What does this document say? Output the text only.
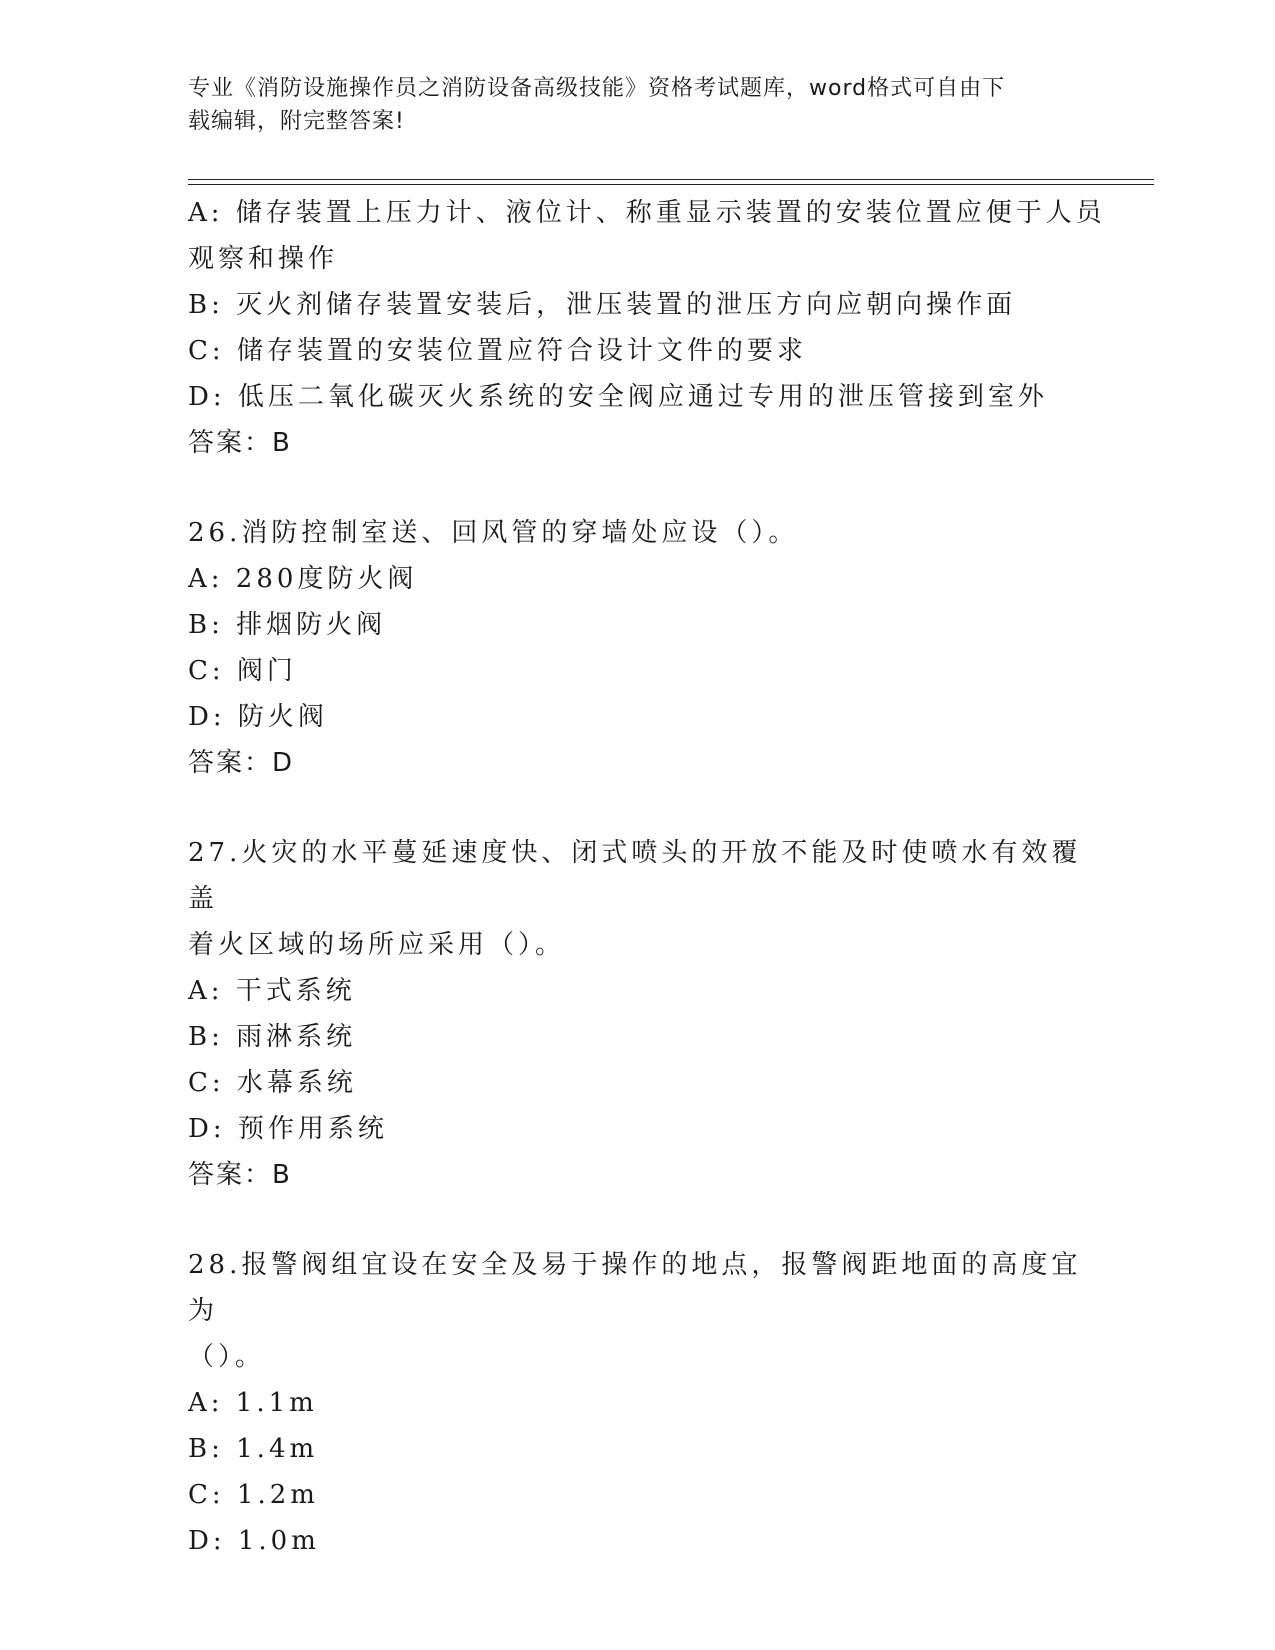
专业《消防设施操作员之消防设备高级技能》资格考试题库，word格式可自由下
载编辑，附完整答案!
A: 储存装置上压力计、液位计、称重显示装置的安装位置应便于人员
观察和操作
B: 灭火剂储存装置安装后，泄压装置的泄压方向应朝向操作面
C: 储存装置的安装位置应符合设计文件的要求
D: 低压二氧化碳灭火系统的安全阀应通过专用的泄压管接到室外
答案：B
26.消防控制室送、回风管的穿墙处应设（）。
A: 280度防火阀
B: 排烟防火阀
C: 阀门
D: 防火阀
答案：D
27.火灾的水平蔓延速度快、闭式喷头的开放不能及时使喷水有效覆盖
着火区域的场所应采用（）。
A: 干式系统
B: 雨淋系统
C: 水幕系统
D: 预作用系统
答案：B
28.报警阀组宜设在安全及易于操作的地点，报警阀距地面的高度宜为
（）。
A: 1.1m
B: 1.4m
C: 1.2m
D: 1.0m
